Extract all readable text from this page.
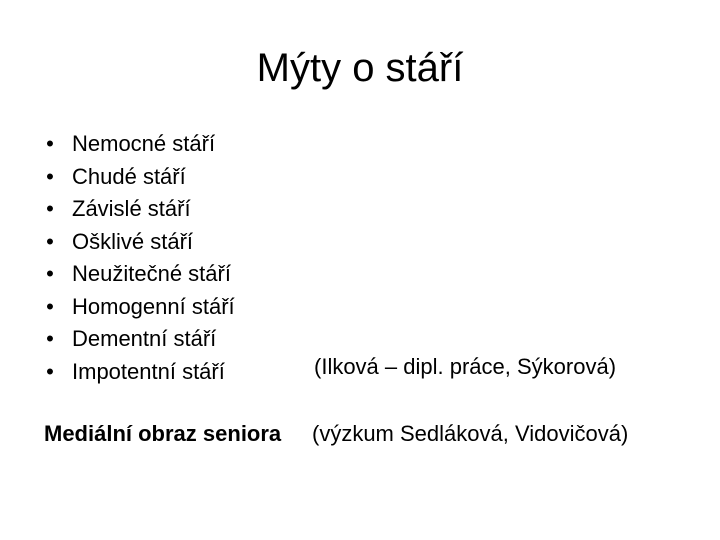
Mýty o stáří
• Nemocné stáří
• Chudé stáří
• Závislé stáří
• Ošklivé stáří
• Neužitečné stáří
• Homogenní stáří
• Dementní stáří
• Impotentní stáří	(Ilková – dipl. práce, Sýkorová)
Mediální obraz seniora (výzkum Sedláková, Vidovičová)
